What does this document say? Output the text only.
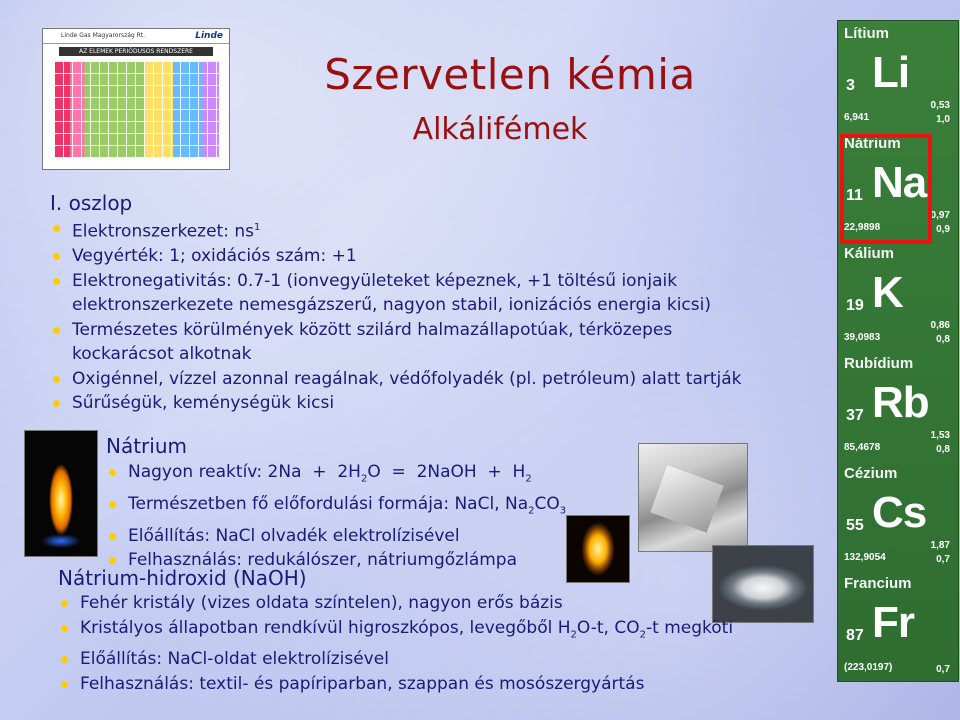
Szervetlen kémia
Alkálifémek
Linde Gas Magyarország Rt.
AZ ELEMEK PERIÓDUSOS RENDSZERE
Linde
I. oszlop
Elektronszerkezet: $ns^1$
Vegyérték: 1; oxidációs szám: +1
Elektronegativitás: 0.7-1 (ionvegyületeket képeznek, +1 töltésű ionjaik
elektronszerkezete nemesgázszerű, nagyon stabil, ionizációs energia kicsi)
Természetes körülmények között szilárd halmazállapotúak, térközepes
kockarácsot alkotnak
Oxigénnel, vízzel azonnal reagálnak, védőfolyadék (pl. petróleum) alatt tartják
Sűrűségük, keménységük kicsi
Nátrium
Nagyon reaktív: $2Na + 2H_2O$  =  2NaOH  +  $H_2$
Természetben fő előfordulási formája: NaCl, $Na_2CO_3$
Előállítás: NaCl olvadék elektrolízisével
Felhasználás: redukálószer, nátriumgőzlámpa
Nátrium-hidroxid (NaOH)
Fehér kristály (vizes oldata színtelen), nagyon erős bázis
Kristályos állapotban rendkívül higroszkópos, levegőből $H_2O-t$, $CO_2-t$ megköti
Előállítás: NaCl-oldat elektrolízisével
Felhasználás: textil- és papíriparban, szappan és mosószergyártás
Lítium
3 Li
6,941
0,53
1,0
Nátrium
11 Na
22,9898
0,97
0,9
Kálium
19 K
39,0983
0,86
0,8
Rubídium
37 Rb
85,4678
1,53
0,8
Cézium
55 Cs
132,9054
1,87
0,7
Francium
87 Fr
(223,0197)	0,7
